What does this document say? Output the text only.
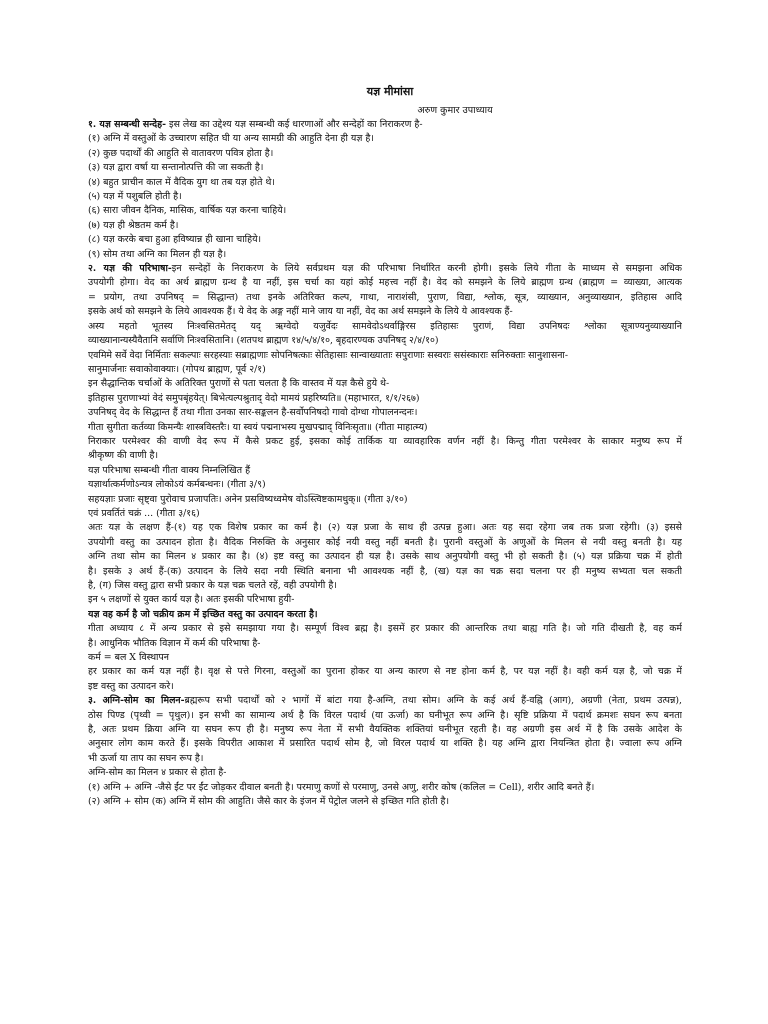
यज्ञ मीमांसा
अरुण कुमार उपाध्याय
१. यज्ञ सम्बन्धी सन्देह- इस लेख का उद्देश्य यज्ञ सम्बन्धी कई धारणाओं और सन्देहों का निराकरण है-
(१) अग्नि में वस्तुओं के उच्चारण सहित घी या अन्य सामग्री की आहुति देना ही यज्ञ है।
(२) कुछ पदार्थों की आहुति से वातावरण पवित्र होता है।
(३) यज्ञ द्वारा वर्षा या सन्तानोत्पत्ति की जा सकती है।
(४) बहुत प्राचीन काल में वैदिक युग था तब यज्ञ होते थे।
(५) यज्ञ में पशुबलि होती है।
(६) सारा जीवन दैनिक, मासिक, वार्षिक यज्ञ करना चाहिये।
(७) यज्ञ ही श्रेष्ठतम कर्म है।
(८) यज्ञ करके बचा हुआ हविष्यान्न ही खाना चाहिये।
(९) सोम तथा अग्नि का मिलन ही यज्ञ है।
२. यज्ञ की परिभाषा-इन सन्देहों के निराकरण के लिये सर्वप्रथम यज्ञ की परिभाषा निर्धारित करनी होगी। इसके लिये गीता के माध्यम से समझना अधिक
उपयोगी होगा। वेद का अर्थ ब्राह्मण ग्रन्थ है या नहीं, इस चर्चा का यहां कोई महत्त्व नहीं है। वेद को समझने के लिये ब्राह्मण ग्रन्थ (ब्राह्मण = व्याख्या, आत्यक
= प्रयोग, तथा उपनिषद् = सिद्धान्त) तथा इनके अतिरिक्त कल्प, गाथा, नाराशंसी, पुराण, विद्या, श्लोक, सूत्र, व्याख्यान, अनुव्याख्यान, इतिहास आदि
इसके अर्थ को समझने के लिये आवश्यक हैं। ये वेद के अङ्ग नहीं माने जाय या नहीं, वेद का अर्थ समझने के लिये ये आवश्यक हैं-
अस्य महतो भूतस्य निःश्वसितमेतद् यद् ऋग्वेदो यजुर्वेदः सामवेदोऽथर्वाङ्गिरस इतिहासः पुराणं, विद्या उपनिषदः श्लोका सूत्राण्यनुव्याख्यानि
व्याख्यानान्यस्यैवैतानि सर्वाणि निःश्वसितानि। (शतपथ ब्राह्मण १४/५/४/१०, बृहदारण्यक उपनिषद् २/४/१०)
एवमिमे सर्वे वेदा निर्मिताः सकल्पाः सरहस्याः सब्राह्मणाः सोपनिषत्काः सेतिहासाः सान्वाख्याताः सपुराणाः सस्वराः ससंस्काराः सनिरुक्ताः सानुशासना-
सानुमार्जनाः सवाकोवाक्याः। (गोपथ ब्राह्मण, पूर्व २/१)
इन सैद्धान्तिक चर्चाओं के अतिरिक्त पुराणों से पता चलता है कि वास्तव में यज्ञ कैसे हुये थे-
इतिहास पुराणाभ्यां वेदं समुपबृंहयेत्। बिभेत्यल्पश्रुताद् वेदो मामयं प्रहरिष्यति॥ (महाभारत, १/१/२६७)
उपनिषद् वेद के सिद्धान्त हैं तथा गीता उनका सार-सङ्कलन है-सर्वोपनिषदो गावो दोग्धा गोपालनन्दनः।
गीता सुगीता कर्तव्या किमन्यैः शास्त्रविस्तरैः। या स्वयं पद्मनाभस्य मुखपद्माद् विनिःसृता॥ (गीता माहात्म्य)
निराकार परमेश्वर की वाणी वेद रूप में कैसे प्रकट हुई, इसका कोई तार्किक या व्यावहारिक वर्णन नहीं है। किन्तु गीता परमेश्वर के साकार मनुष्य रूप में
श्रीकृष्ण की वाणी है।
यज्ञ परिभाषा सम्बन्धी गीता वाक्य निम्नलिखित हैं
यज्ञार्थात्कर्मणोऽन्यत्र लोकोऽयं कर्मबन्धनः। (गीता ३/९)
सहयज्ञाः प्रजाः सृष्ट्वा पुरोवाच प्रजापतिः। अनेन प्रसविष्यध्वमेष वोऽस्त्विष्टकामधुक्॥ (गीता ३/१०)
एवं प्रवर्तितं चक्रं ... (गीता ३/१६)
अतः यज्ञ के लक्षण हैं-(१) यह एक विशेष प्रकार का कर्म है। (२) यज्ञ प्रजा के साथ ही उत्पन्न हुआ। अतः यह सदा रहेगा जब तक प्रजा रहेगी। (३) इससे
उपयोगी वस्तु का उत्पादन होता है। वैदिक निरुक्ति के अनुसार कोई नयी वस्तु नहीं बनती है। पुरानी वस्तुओं के अणुओं के मिलन से नयी वस्तु बनती है। यह
अग्नि तथा सोम का मिलन ४ प्रकार का है। (४) इष्ट वस्तु का उत्पादन ही यज्ञ है। उसके साथ अनुपयोगी वस्तु भी हो सकती है। (५) यज्ञ प्रक्रिया चक्र में होती
है। इसके ३ अर्थ हैं-(क) उत्पादन के लिये सदा नयी स्थिति बनाना भी आवश्यक नहीं है, (ख) यज्ञ का चक्र सदा चलना पर ही मनुष्य सभ्यता चल सकती
है, (ग) जिस वस्तु द्वारा सभी प्रकार के यज्ञ चक्र चलते रहें, वही उपयोगी है।
इन ५ लक्षणों से युक्त कार्य यज्ञ है। अतः इसकी परिभाषा हुयी-
यज्ञ वह कर्म है जो चक्रीय क्रम में इच्छित वस्तु का उत्पादन करता है।
गीता अध्याय ८ में अन्य प्रकार से इसे समझाया गया है। सम्पूर्ण विश्व ब्रह्म है। इसमें हर प्रकार की आन्तरिक तथा बाह्य गति है। जो गति दीखती है, वह कर्म
है। आधुनिक भौतिक विज्ञान में कर्म की परिभाषा है-
कर्म = बल X विस्थापन
हर प्रकार का कर्म यज्ञ नहीं है। वृक्ष से पत्ते गिरना, वस्तुओं का पुराना होकर या अन्य कारण से नष्ट होना कर्म है, पर यज्ञ नहीं है। वही कर्म यज्ञ है, जो चक्र में
इष्ट वस्तु का उत्पादन करे।
३. अग्नि-सोम का मिलन-ब्रह्मरूप सभी पदार्थों को २ भागों में बांटा गया है-अग्नि, तथा सोम। अग्नि के कई अर्थ हैं-वह्नि (आग), अग्रणी (नेता, प्रथम उत्पन्न),
ठोस पिण्ड (पृथ्वी = पृथुल)। इन सभी का सामान्य अर्थ है कि विरल पदार्थ (या ऊर्जा) का घनीभूत रूप अग्नि है। सृष्टि प्रक्रिया में पदार्थ क्रमशः सघन रूप बनता
है, अतः प्रथम क्रिया अग्नि या सघन रूप ही है। मनुष्य रूप नेता में सभी वैयक्तिक शक्तियां घनीभूत रहती है। वह अग्रणी इस अर्थ में है कि उसके आदेश के
अनुसार लोग काम करते हैं। इसके विपरीत आकाश में प्रसारित पदार्थ सोम है, जो विरल पदार्थ या शक्ति है। यह अग्नि द्वारा नियन्त्रित होता है। ज्वाला रूप अग्नि
भी ऊर्जा या ताप का सघन रूप है।
अग्नि-सोम का मिलन ४ प्रकार से होता है-
(१) अग्नि + अग्नि -जैसे ईंट पर ईंट जोड़कर दीवाल बनती है। परमाणु कणों से परमाणु, उनसे अणु, शरीर कोष (कलिल = Cell), शरीर आदि बनते हैं।
(२) अग्नि + सोम (क) अग्नि में सोम की आहुति। जैसे कार के इंजन में पेट्रोल जलने से इच्छित गति होती है।
